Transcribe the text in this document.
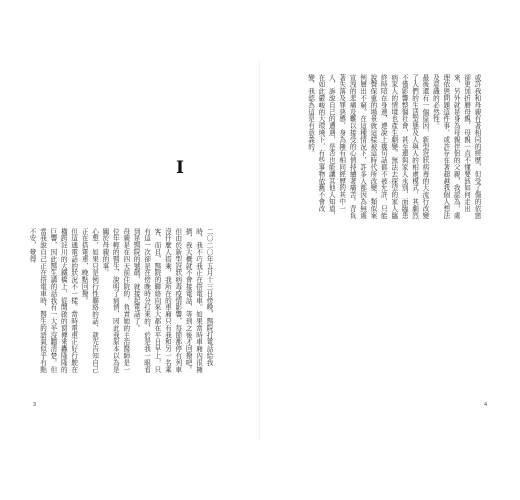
I
二〇二〇年五月十三日傍晚，醫院打電話給我時，我不巧我正在搭電車。如果當時車廂內很擁擠，我大概就不會接電話，等到之後才回撥吧。但由於新型冠狀病毒疫情影響，每節都停有列車沒什麼人搭乘，我所在的車廂只有我和另一名乘客，而且，醫院的聯絡向來大都在平日早上，只有這一次卻是在傍晚時分打來的，於是我一眼看到是醫院的號碼，就接起電話了。
母親是在四天前住院的，負責她的主治醫師是一位年輕的醫生，說明了病情，因此我原本以為是關於母親的事。
心想，如果只是例行性聯絡的話，就先告知自己正在搭電車，晚點回撥。
但這通電話的狀況不一樣。當時電車正好行駛在橫跨淀川的大鐵橋上，從開啟的窗傳來轟隆隆的巨響，因此醫生講的話我有一大半沒聽清楚。但當我說自己正在搭電車時，醫生的語氣似乎有點不安，覺得
3
或許我和母親有著相同的經歷，但受了傷的依戀卻更加折磨母親，母親一直不懂要該如何走出來，另外就是身為母親伴侶的父親，我認為，處理依戀問題這件事，或許存在著超越我個人想法及意識的必然性。
最後還有一個原因，新型冠狀病毒的大流行改變了人們的生活型態及人與人的相處模式，其劇烈不僅影響整個社會，甚至連與家人永別，面臨患病家人的情境也產生劇變。無法去探望的家人臨終時陪在身邊，連說上幾句話都不被允許，只能說聲保重的場景就這樣被這時代所改變，類似案例層出不窮。在這種情況下，許多人都因為無處宣洩的悲痛及難以接受的心情持續著痛苦。背負著失落及罪惡感，身為擁有相同經歷的其中一人，訴說自己的遭遇，是否也能讓其他人知道，在如此嚴峻的大環境下，有些事物依舊不會改變，我認為這是有意義的。
4
